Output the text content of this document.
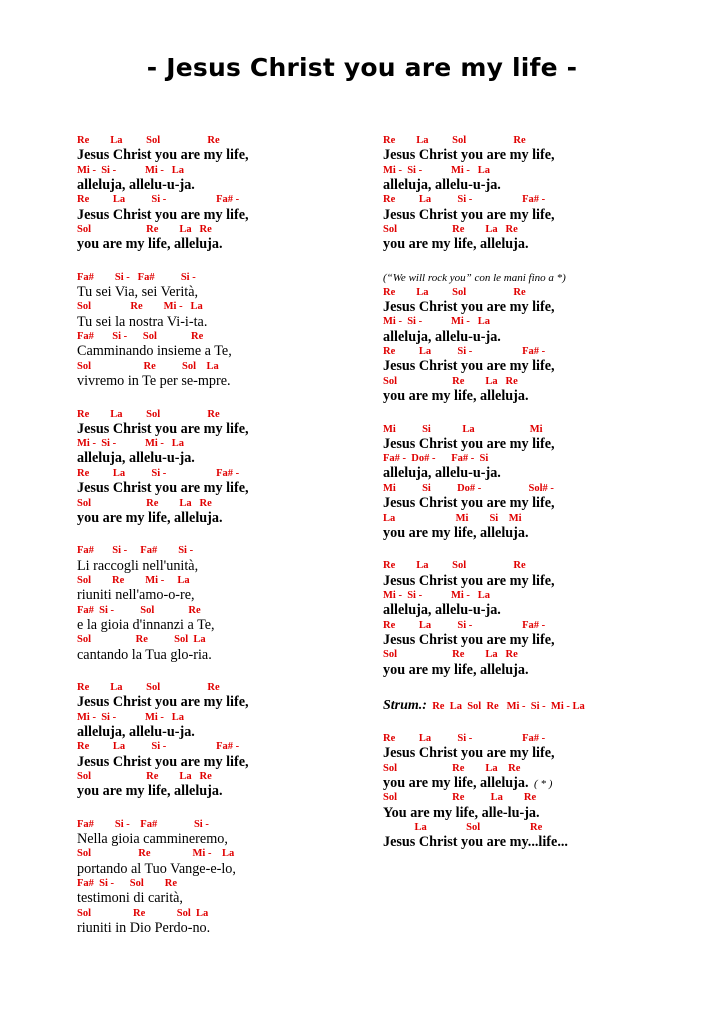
- Jesus Christ you are my life -
Re        La         Sol                  Re
Jesus Christ you are my life,
Mi -  Si -           Mi -   La
alleluja, allelu-u-ja.
Re         La          Si -                   Fa# -
Jesus Christ you are my life,
Sol                     Re        La   Re
you are my life, alleluja.
Fa#        Si -   Fa#          Si -
Tu sei Via, sei Verità,
Sol               Re        Mi -   La
Tu sei la nostra Vi-i-ta.
Fa#       Si -      Sol             Re
Camminando insieme a Te,
Sol                    Re          Sol    La
vivremo in Te per se-mpre.
Re        La         Sol                  Re
Jesus Christ you are my life,
Mi -  Si -           Mi -   La
alleluja, allelu-u-ja.
Re         La          Si -                   Fa# -
Jesus Christ you are my life,
Sol                     Re        La   Re
you are my life, alleluja.
Fa#       Si -     Fa#        Si -
Li raccogli nell'unità,
Sol        Re        Mi -     La
riuniti nell'amo-o-re,
Fa#  Si -          Sol             Re
e la gioia d'innanzi a Te,
Sol                 Re          Sol  La
cantando la Tua glo-ria.
Re        La         Sol                  Re
Jesus Christ you are my life,
Mi -  Si -           Mi -   La
alleluja, allelu-u-ja.
Re         La          Si -                   Fa# -
Jesus Christ you are my life,
Sol                     Re        La   Re
you are my life, alleluja.
Fa#        Si -    Fa#              Si -
Nella gioia cammineremo,
Sol                  Re                Mi -    La
portando al Tuo Vange-e-lo,
Fa#  Si -      Sol        Re
testimoni di carità,
Sol                Re            Sol  La
riuniti in Dio Perdo-no.
Re        La         Sol                  Re
Jesus Christ you are my life,
Mi -  Si -           Mi -   La
alleluja, allelu-u-ja.
Re         La          Si -                   Fa# -
Jesus Christ you are my life,
Sol                     Re        La   Re
you are my life, alleluja.
(“We will rock you” con le mani fino a *)
Re        La         Sol                  Re
Jesus Christ you are my life,
Mi -  Si -           Mi -   La
alleluja, allelu-u-ja.
Re         La          Si -                   Fa# -
Jesus Christ you are my life,
Sol                     Re        La   Re
you are my life, alleluja.
Mi          Si            La                     Mi
Jesus Christ you are my life,
Fa# -  Do# -      Fa# -  Si
alleluja, allelu-u-ja.
Mi          Si          Do# -                  Sol# -
Jesus Christ you are my life,
La                       Mi        Si    Mi
you are my life, alleluja.
Re        La         Sol                  Re
Jesus Christ you are my life,
Mi -  Si -           Mi -   La
alleluja, allelu-u-ja.
Re         La          Si -                   Fa# -
Jesus Christ you are my life,
Sol                     Re        La   Re
you are my life, alleluja.
Strum.:  Re  La  Sol  Re   Mi -  Si -  Mi - La
Re         La          Si -                   Fa# -
Jesus Christ you are my life,
Sol                     Re        La    Re
you are my life, alleluja.  ( * )
Sol                     Re          La        Re
You are my life, alle-lu-ja.
La               Sol                   Re
Jesus Christ you are my...life...
